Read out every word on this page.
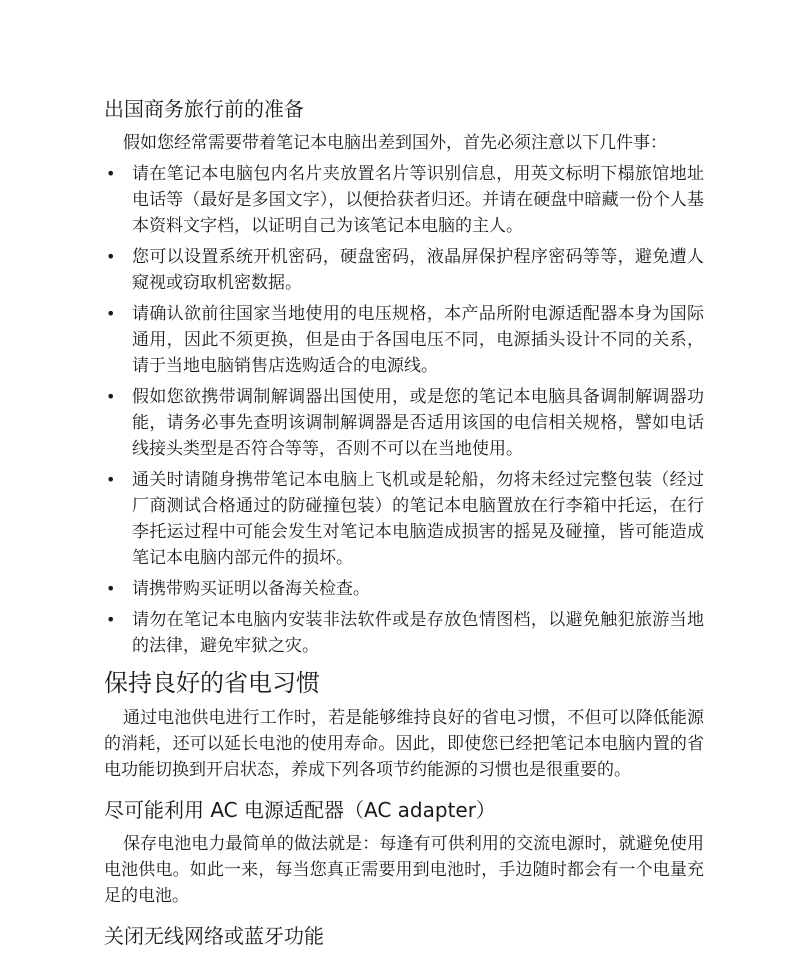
出国商务旅行前的准备

假如您经常需要带着笔记本电脑出差到国外，首先必须注意以下几件事：

• 请在笔记本电脑包内名片夹放置名片等识别信息，用英文标明下榻旅馆地址电话等（最好是多国文字），以便拾获者归还。并请在硬盘中暗藏一份个人基本资料文字档，以证明自己为该笔记本电脑的主人。
• 您可以设置系统开机密码，硬盘密码，液晶屏保护程序密码等等，避免遭人窥视或窃取机密数据。
• 请确认欲前往国家当地使用的电压规格，本产品所附电源适配器本身为国际通用，因此不须更换，但是由于各国电压不同，电源插头设计不同的关系，请于当地电脑销售店选购适合的电源线。
• 假如您欲携带调制解调器出国使用，或是您的笔记本电脑具备调制解调器功能，请务必事先查明该调制解调器是否适用该国的电信相关规格，譬如电话线接头类型是否符合等等，否则不可以在当地使用。
• 通关时请随身携带笔记本电脑上飞机或是轮船，勿将未经过完整包装（经过厂商测试合格通过的防碰撞包装）的笔记本电脑置放在行李箱中托运，在行李托运过程中可能会发生对笔记本电脑造成损害的摇晃及碰撞，皆可能造成笔记本电脑内部元件的损坏。
• 请携带购买证明以备海关检查。
• 请勿在笔记本电脑内安装非法软件或是存放色情图档，以避免触犯旅游当地的法律，避免牢狱之灾。
保持良好的省电习惯

通过电池供电进行工作时，若是能够维持良好的省电习惯，不但可以降低能源的消耗，还可以延长电池的使用寿命。因此，即使您已经把笔记本电脑内置的省电功能切换到开启状态，养成下列各项节约能源的习惯也是很重要的。

尽可能利用 AC 电源适配器（AC adapter）

保存电池电力最简单的做法就是：每逢有可供利用的交流电源时，就避免使用电池供电。如此一来，每当您真正需要用到电池时，手边随时都会有一个电量充足的电池。

关闭无线网络或蓝牙功能
